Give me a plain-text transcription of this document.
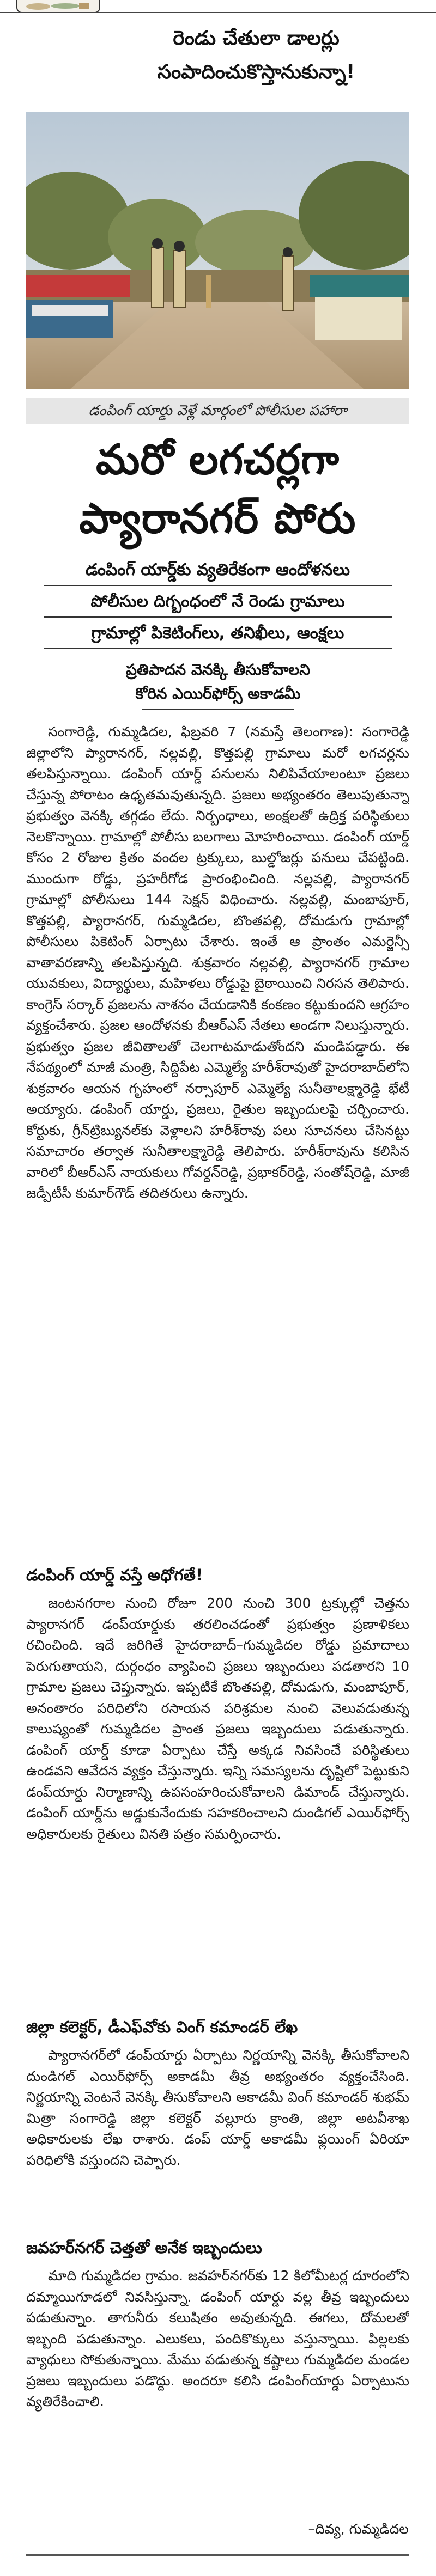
రెండు చేతులా డాలర్లు
సంపాదించుకొస్తానుకున్నా!
డంపింగ్ యార్డు వెళ్లే మార్గంలో పోలీసుల పహారా
మరో లగచర్లగా
ప్యారానగర్ పోరు
డంపింగ్ యార్డ్‌కు వ్యతిరేకంగా ఆందోళనలు
పోలీసుల దిగ్బంధంలో నే రెండు గ్రామాలు
గ్రామాల్లో పికెటింగ్‌లు, తనిఖీలు, ఆంక్షలు
ప్రతిపాదన వెనక్కి తీసుకోవాలని
కోరిన ఎయిర్‌ఫోర్స్ అకాడమీ

సంగారెడ్డి, గుమ్మడిదల, ఫిబ్రవరి 7 (నమస్తే తెలంగాణ): సంగారెడ్డి జిల్లాలోని ప్యారానగర్, నల్లవల్లి, కొత్తపల్లి గ్రామాలు మరో లగచర్లను తలపిస్తున్నాయి. డంపింగ్ యార్డ్ పనులను నిలిపివేయాలంటూ ప్రజలు చేస్తున్న పోరాటం ఉధృతమవుతున్నది. ప్రజలు అభ్యంతరం తెలుపుతున్నా ప్రభుత్వం వెనక్కి తగ్గడం లేదు. నిర్బంధాలు, అంక్షలతో ఉద్రిక్త పరిస్థితులు నెలకొన్నాయి. గ్రామాల్లో పోలీసు బలగాలు మోహరించాయి. డంపింగ్ యార్డ్ కోసం 2 రోజుల క్రితం వందల ట్రక్కులు, బుల్డోజర్లు పనులు చేపట్టింది. ముందుగా రోడ్డు, ప్రహరీగోడ ప్రారంభించింది. నల్లవల్లి, ప్యారానగర్ గ్రామాల్లో పోలీసులు 144 సెక్షన్ విధించారు. నల్లవల్లి, మంబాపూర్, కొత్తపల్లి, ప్యారానగర్, గుమ్మడిదల, బొంతపల్లి, దోమడుగు గ్రామాల్లో పోలీసులు పికెటింగ్ ఏర్పాటు చేశారు. ఇంతే ఆ ప్రాంతం ఎమర్జెన్సీ వాతావరణాన్ని తలపిస్తున్నది. శుక్రవారం నల్లవల్లి, ప్యారానగర్ గ్రామాల యువకులు, విద్యార్థులు, మహిళలు రోడ్డుపై బైఠాయించి నిరసన తెలిపారు. కాంగ్రెస్ సర్కార్ ప్రజలను నాశనం చేయడానికి కంకణం కట్టుకుందని ఆగ్రహం వ్యక్తంచేశారు. ప్రజల ఆందోళనకు బీఆర్‌ఎస్ నేతలు అండగా నిలుస్తున్నారు. ప్రభుత్వం ప్రజల జీవితాలతో చెలగాటమాడుతోందని మండిపడ్డారు. ఈ నేపథ్యంలో మాజీ మంత్రి, సిద్దిపేట ఎమ్మెల్యే హరీశ్‌రావుతో హైదరాబాద్‌లోని శుక్రవారం ఆయన గృహంలో నర్సాపూర్ ఎమ్మెల్యే సునీతాలక్ష్మారెడ్డి భేటీ అయ్యారు. డంపింగ్ యార్డు, ప్రజలు, రైతుల ఇబ్బందులపై చర్చించారు. కోర్టుకు, గ్రీన్‌ట్రిబ్యునల్‌కు వెళ్లాలని హరీశ్‌రావు పలు సూచనలు చేసినట్టు సమాచారం తర్వాత సునీతాలక్ష్మారెడ్డి తెలిపారు. హరీశ్‌రావును కలిసిన వారిలో బీఆర్‌ఎస్ నాయకులు గోవర్దన్‌రెడ్డి, ప్రభాకర్‌రెడ్డి, సంతోష్‌రెడ్డి, మాజీ జడ్పీటీసీ కుమార్‌గౌడ్ తదితరులు ఉన్నారు.

డంపింగ్ యార్డ్ వస్తే అధోగతే!

జంటనగరాల నుంచి రోజూ 200 నుంచి 300 ట్రక్కుల్లో చెత్తను ప్యారానగర్ డంప్‌యార్డుకు తరలించడంతో ప్రభుత్వం ప్రణాళికలు రచించింది. ఇదే జరిగితే హైదరాబాద్–గుమ్మడిదల రోడ్డు ప్రమాదాలు పెరుగుతాయని, దుర్గంధం వ్యాపించి ప్రజలు ఇబ్బందులు పడతారని 10 గ్రామాల ప్రజలు చెప్తున్నారు. ఇప్పటికే బొంతపల్లి, దోమడుగు, మంబాపూర్, అనంతారం పరిధిలోని రసాయన పరిశ్రమల నుంచి వెలువడుతున్న కాలుష్యంతో గుమ్మడిదల ప్రాంత ప్రజలు ఇబ్బందులు పడుతున్నారు. డంపింగ్ యార్డ్ కూడా ఏర్పాటు చేస్తే అక్కడ నివసించే పరిస్థితులు ఉండవని ఆవేదన వ్యక్తం చేస్తున్నారు. ఇన్ని సమస్యలను దృష్టిలో పెట్టుకుని డంప్‌యార్డు నిర్మాణాన్ని ఉపసంహరించుకోవాలని డిమాండ్ చేస్తున్నారు. డంపింగ్ యార్డ్‌ను అడ్డుకునేందుకు సహకరించాలని దుండిగల్ ఎయిర్‌ఫోర్స్ అధికారులకు రైతులు వినతి పత్రం సమర్పించారు.

జిల్లా కలెక్టర్, డీఎఫ్‌వోకు వింగ్ కమాండర్ లేఖ

ప్యారానగర్‌లో డంప్‌యార్డు ఏర్పాటు నిర్ణయాన్ని వెనక్కి తీసుకోవాలని దుండిగల్ ఎయిర్‌ఫోర్స్ అకాడమీ తీవ్ర అభ్యంతరం వ్యక్తంచేసింది. నిర్ణయాన్ని వెంటనే వెనక్కి తీసుకోవాలని అకాడమీ వింగ్ కమాండర్ శుభమ్ మిత్రా సంగారెడ్డి జిల్లా కలెక్టర్ వల్లూరు క్రాంతి, జిల్లా అటవీశాఖ అధికారులకు లేఖ రాశారు. డంప్ యార్డ్ అకాడమీ ఫ్లయింగ్ ఏరియా పరిధిలోకి వస్తుందని చెప్పారు.

జవహర్‌నగర్ చెత్తతో అనేక ఇబ్బందులు

మాది గుమ్మడిదల గ్రామం. జవహర్‌నగర్‌కు 12 కిలోమీటర్ల దూరంలోని దమ్మాయిగూడలో నివసిస్తున్నా. డంపింగ్ యార్డు వల్ల తీవ్ర ఇబ్బందులు పడుతున్నాం. తాగునీరు కలుషితం అవుతున్నది. ఈగలు, దోమలతో ఇబ్బంది పడుతున్నాం. ఎలుకలు, పందికొక్కులు వస్తున్నాయి. పిల్లలకు వ్యాధులు సోకుతున్నాయి. మేము పడుతున్న కష్టాలు గుమ్మడిదల మండల ప్రజలు ఇబ్బందులు పడొద్దు. అందరూ కలిసి డంపింగ్‌యార్డు ఏర్పాటును వ్యతిరేకించాలి.

–దివ్య, గుమ్మడిదల
